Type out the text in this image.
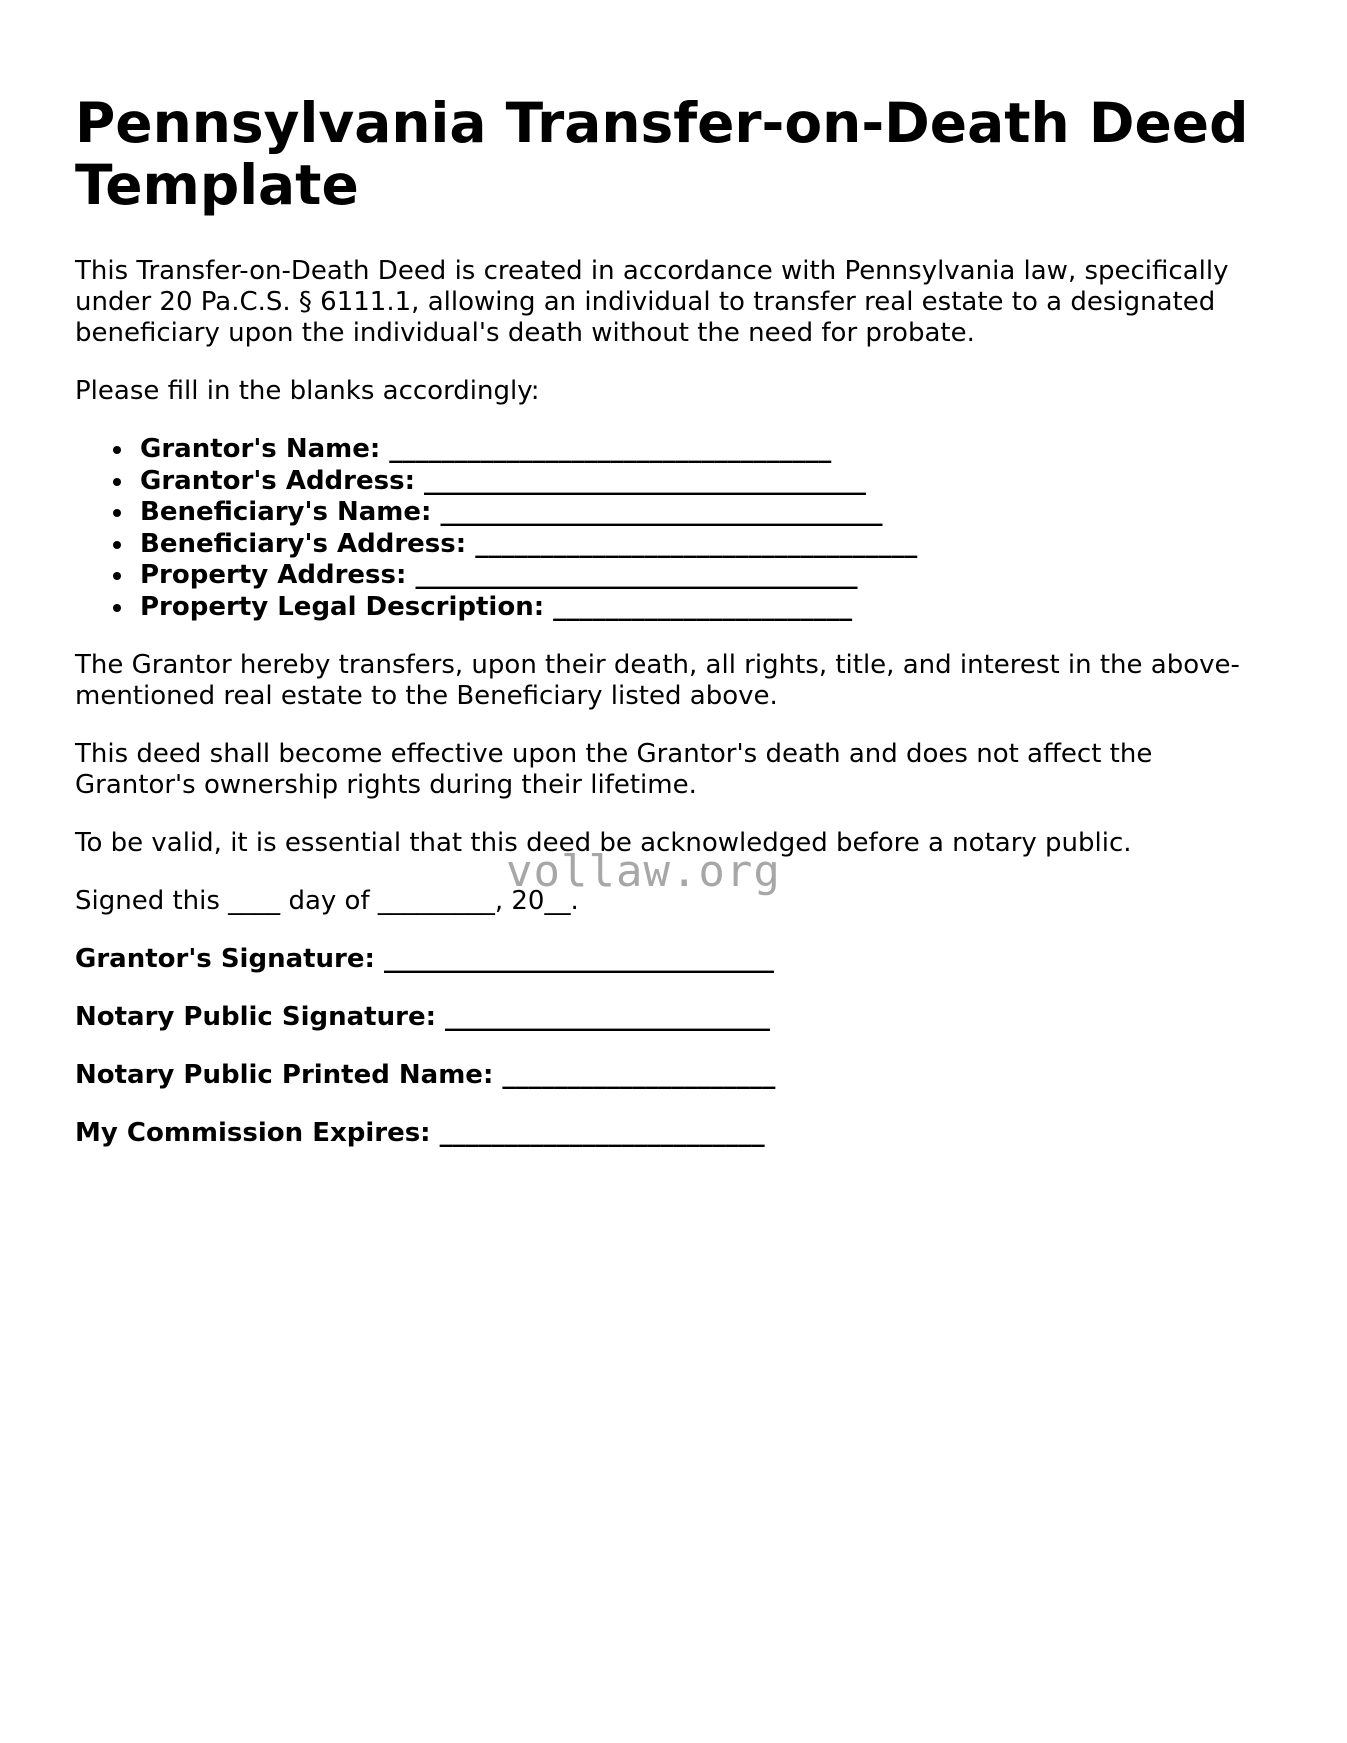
Pennsylvania Transfer-on-Death Deed Template

This Transfer-on-Death Deed is created in accordance with Pennsylvania law, specifically under 20 Pa.C.S. § 6111.1, allowing an individual to transfer real estate to a designated beneficiary upon the individual's death without the need for probate.

Please fill in the blanks accordingly:

Grantor's Name: __________________________________
Grantor's Address: __________________________________
Beneficiary's Name: __________________________________
Beneficiary's Address: __________________________________
Property Address: __________________________________
Property Legal Description: _______________________

The Grantor hereby transfers, upon their death, all rights, title, and interest in the above-mentioned real estate to the Beneficiary listed above.

This deed shall become effective upon the Grantor's death and does not affect the Grantor's ownership rights during their lifetime.

To be valid, it is essential that this deed be acknowledged before a notary public.

Signed this ____ day of _________, 20__.

Grantor's Signature: ______________________________
Notary Public Signature: _________________________
Notary Public Printed Name: _____________________
My Commission Expires: _________________________
vollaw.org
